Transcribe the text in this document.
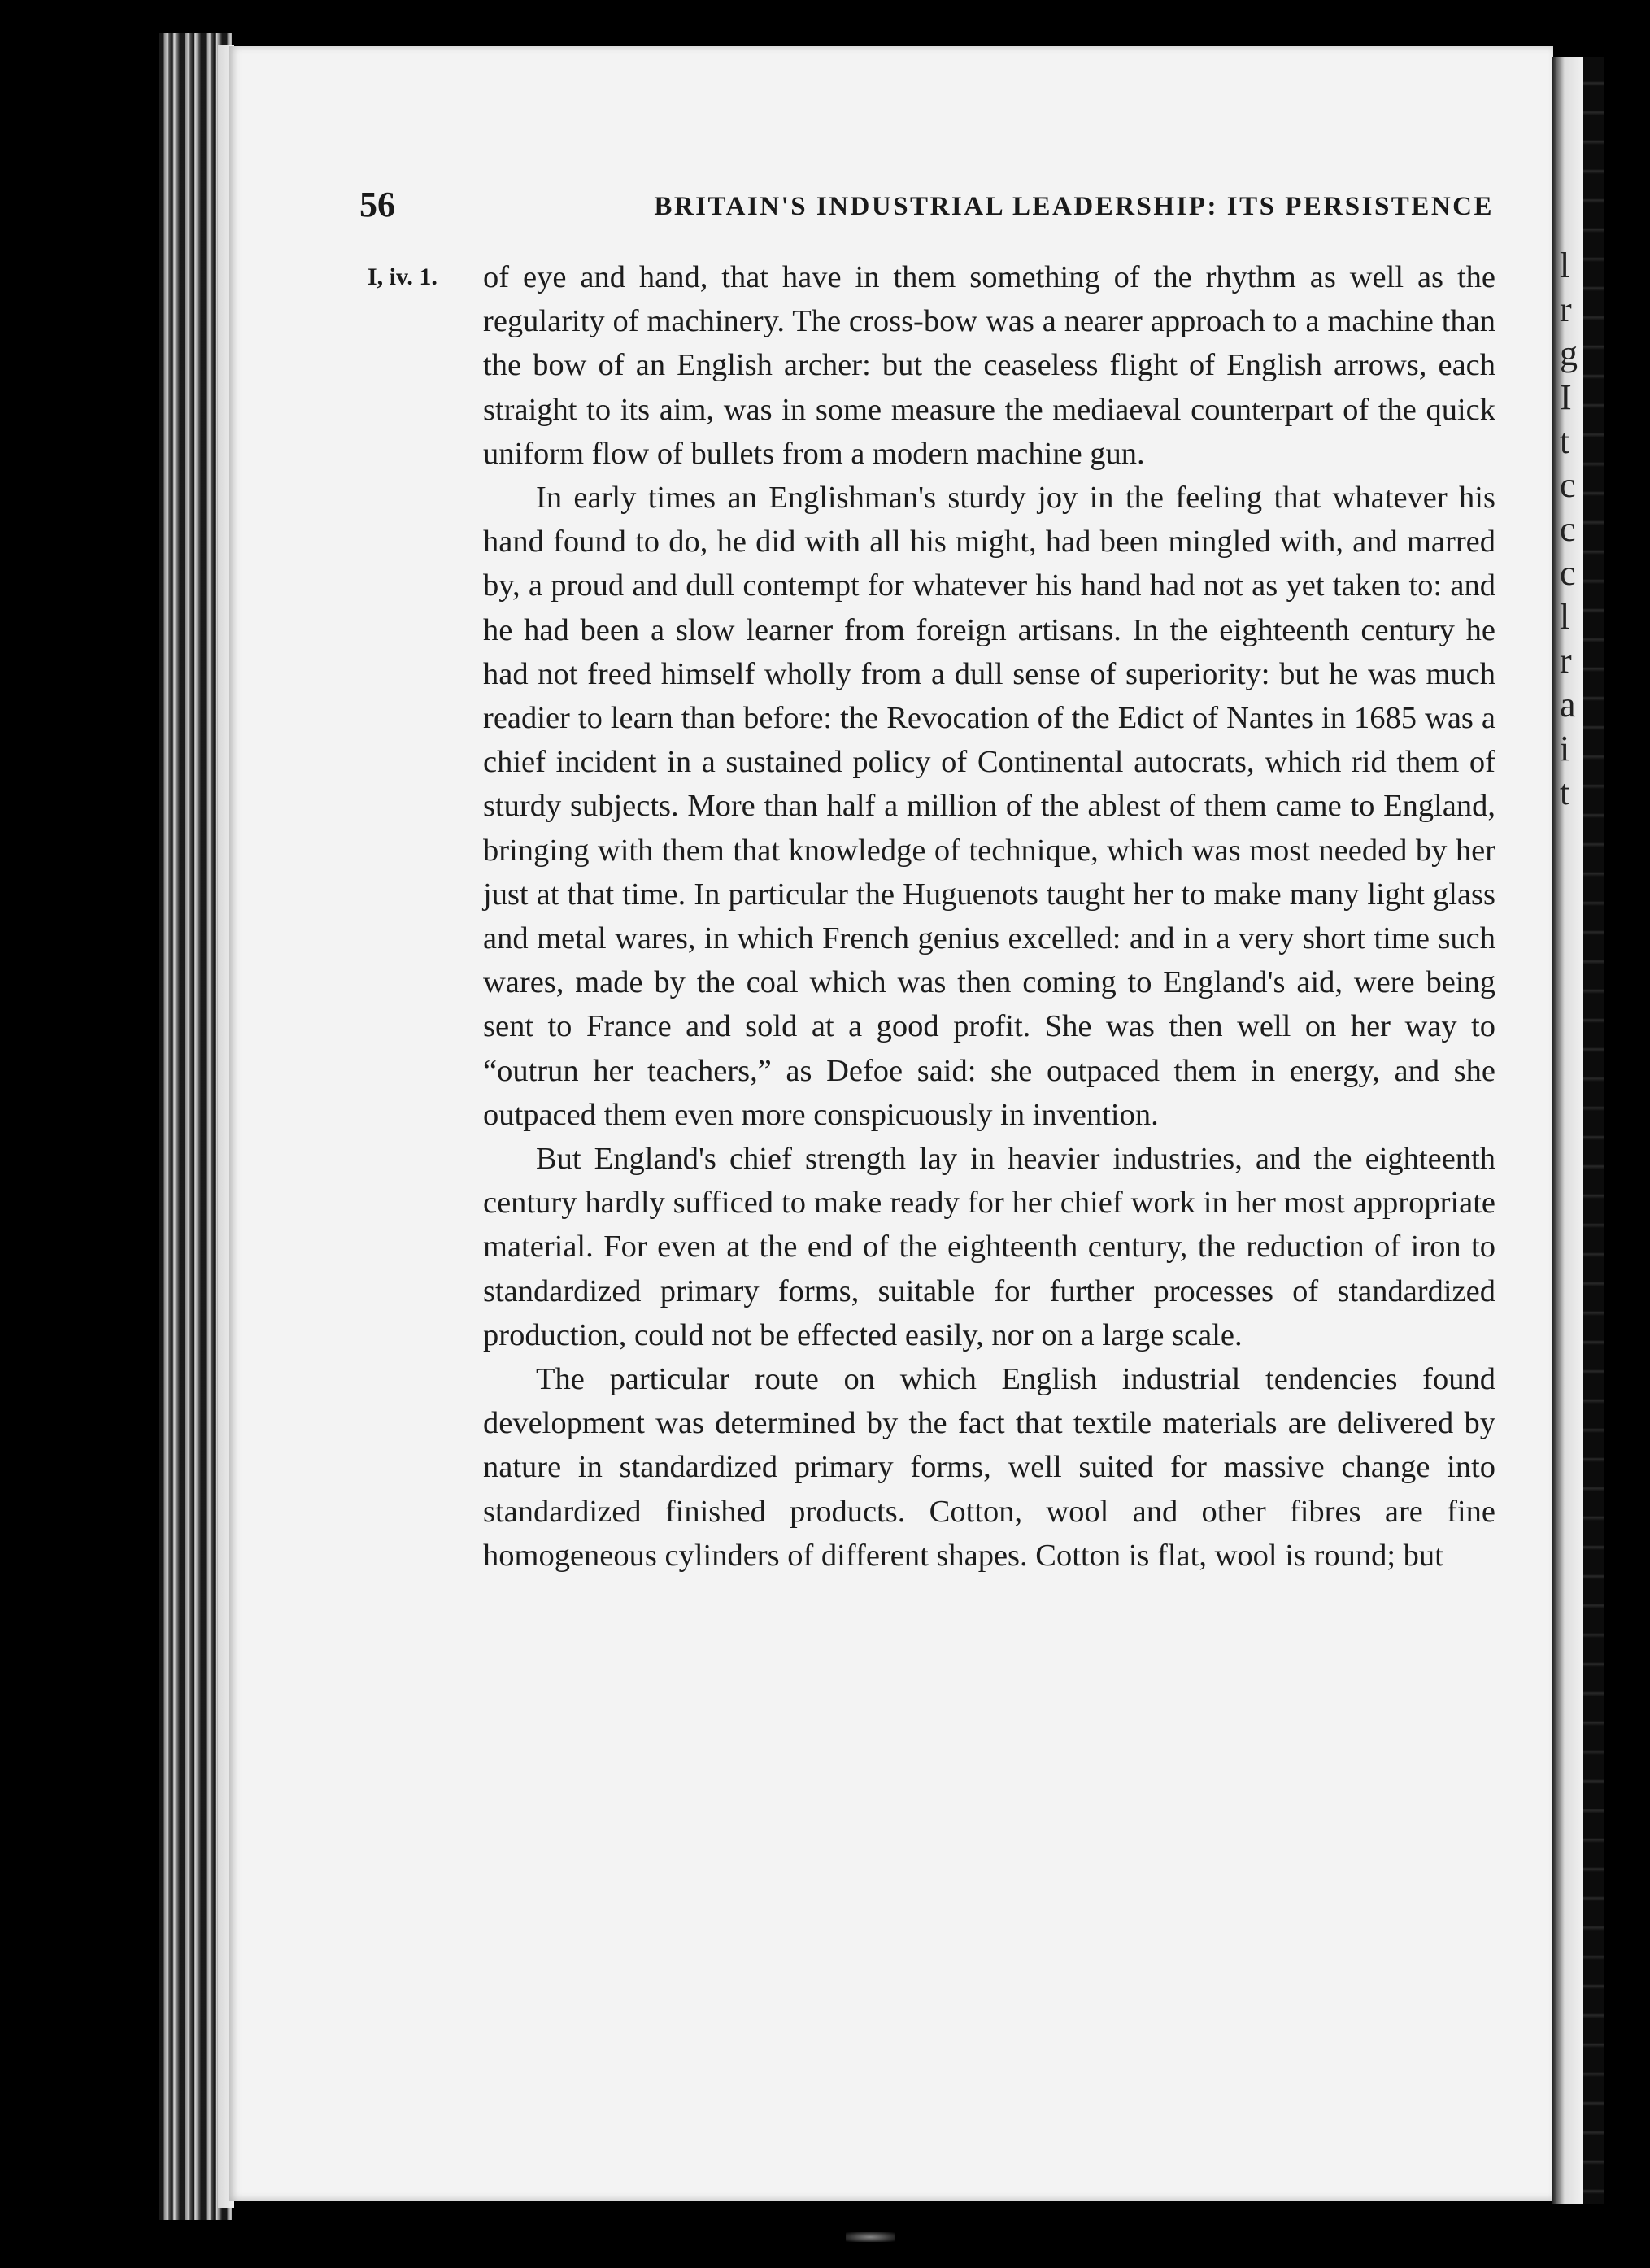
56	BRITAIN'S INDUSTRIAL LEADERSHIP: ITS PERSISTENCE
I, iv. 1. of eye and hand, that have in them something of the rhythm as well as the regularity of machinery. The cross-bow was a nearer approach to a machine than the bow of an English archer: but the ceaseless flight of English arrows, each straight to its aim, was in some measure the mediaeval counterpart of the quick uniform flow of bullets from a modern machine gun.

In early times an Englishman's sturdy joy in the feeling that whatever his hand found to do, he did with all his might, had been mingled with, and marred by, a proud and dull contempt for whatever his hand had not as yet taken to: and he had been a slow learner from foreign artisans. In the eighteenth century he had not freed himself wholly from a dull sense of superiority: but he was much readier to learn than before: the Revocation of the Edict of Nantes in 1685 was a chief incident in a sustained policy of Continental autocrats, which rid them of sturdy subjects. More than half a million of the ablest of them came to England, bringing with them that knowledge of technique, which was most needed by her just at that time. In particular the Huguenots taught her to make many light glass and metal wares, in which French genius excelled: and in a very short time such wares, made by the coal which was then coming to England's aid, were being sent to France and sold at a good profit. She was then well on her way to “outrun her teachers,” as Defoe said: she outpaced them in energy, and she outpaced them even more conspicuously in invention.

But England's chief strength lay in heavier industries, and the eighteenth century hardly sufficed to make ready for her chief work in her most appropriate material. For even at the end of the eighteenth century, the reduction of iron to standardized primary forms, suitable for further processes of standardized production, could not be effected easily, nor on a large scale.

The particular route on which English industrial tendencies found development was determined by the fact that textile materials are delivered by nature in standardized primary forms, well suited for massive change into standardized finished products. Cotton, wool and other fibres are fine homogeneous cylinders of different shapes. Cotton is flat, wool is round; but

l
r
g
I
t
c
c
c
l
r
a
i
t
